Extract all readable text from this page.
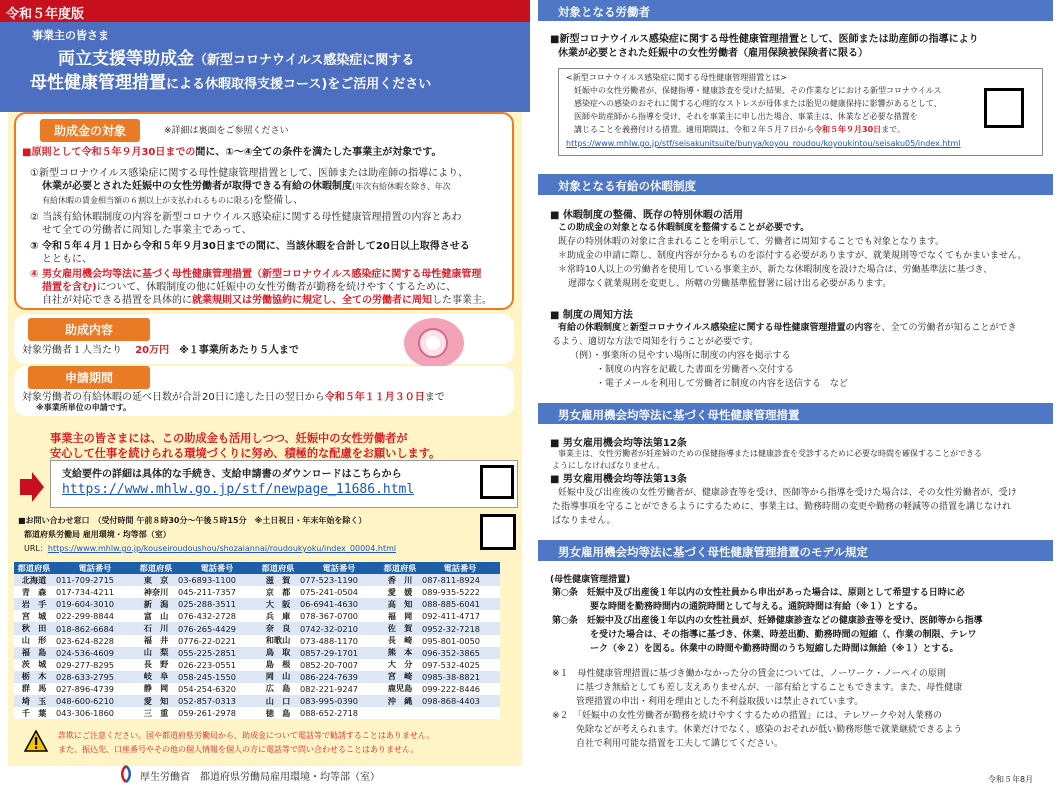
事業主の皆さま
両立支援等助成金（新型コロナウイルス感染症に関する
母性健康管理措置による休暇取得支援コース)をご活用ください
令和５年度版
助成金の対象	※詳細は裏面をご参照ください
■原則として令和５年９月30日までの間に、①〜④全ての条件を満たした事業主が対象です。
①新型コロナウイルス感染症に関する母性健康管理措置として、医師または助産師の指導により、
休業が必要とされた妊娠中の女性労働者が取得できる有給の休暇制度(年次有給休暇を除き、年次
有給休暇の賃金相当額の６割以上が支払われるものに限る)を整備し、
② 当該有給休暇制度の内容を新型コロナウイルス感染症に関する母性健康管理措置の内容とあわ
せて全ての労働者に周知した事業主であって、
③ 令和５年４月１日から令和５年９月30日までの間に、当該休暇を合計して20日以上取得させる
とともに、
④ 男女雇用機会均等法に基づく母性健康管理措置（新型コロナウイルス感染症に関する母性健康管理
措置を含む)について、休暇制度の他に妊娠中の女性労働者が勤務を続けやすくするために、
自社が対応できる措置を具体的に就業規則又は労働協約に規定し、全ての労働者に周知した事業主。
助成内容
対象労働者１人当たり　 20万円　 ※１事業所あたり５人まで
申請期間
対象労働者の有給休暇の延べ日数が合計20日に達した日の翌日から令和５年１１月３０日まで
※事業所単位の申請です。
事業主の皆さまには、この助成金も活用しつつ、妊娠中の女性労働者が
安心して仕事を続けられる環境づくりに努め、積極的な配慮をお願いします。
支給要件の詳細は具体的な手続き、支給申請書のダウンロードはこちらから
https://www.mhlw.go.jp/stf/newpage_11686.html
■お問い合わせ窓口　（受付時間 午前８時30分〜午後５時15分　※土日祝日・年末年始を除く）
都道府県労働局 雇用環境・均等部（室）
URL：https://www.mhlw.go.jp/kouseiroudoushou/shozaiannai/roudoukyoku/index_00004.html
都道府県	電話番号	都道府県	電話番号	都道府県	電話番号	都道府県	電話番号
北海道	011-709-2715	東　京	03-6893-1100	滋　賀	077-523-1190	香　川	087-811-8924
青　森	017-734-4211	神奈川	045-211-7357	京　都	075-241-0504	愛　媛	089-935-5222
岩　手	019-604-3010	新　潟	025-288-3511	大　阪	06-6941-4630	高　知	088-885-6041
宮　城	022-299-8844	富　山	076-432-2728	兵　庫	078-367-0700	福　岡	092-411-4717
秋　田	018-862-6684	石　川	076-265-4429	奈　良	0742-32-0210	佐　賀	0952-32-7218
山　形	023-624-8228	福　井	0776-22-0221	和歌山	073-488-1170	長　崎	095-801-0050
福　島	024-536-4609	山　梨	055-225-2851	鳥　取	0857-29-1701	熊　本	096-352-3865
茨　城	029-277-8295	長　野	026-223-0551	島　根	0852-20-7007	大　分	097-532-4025
栃　木	028-633-2795	岐　阜	058-245-1550	岡　山	086-224-7639	宮　崎	0985-38-8821
群　馬	027-896-4739	静　岡	054-254-6320	広　島	082-221-9247	鹿児島	099-222-8446
埼　玉	048-600-6210	愛　知	052-857-0313	山　口	083-995-0390	沖　縄	098-868-4403
千　葉	043-306-1860	三　重	059-261-2978	徳　島	088-652-2718		
詐欺にご注意ください。国や都道府県労働局から、助成金について電話等で勧誘することはありません。
また、振込先、口座番号やその他の個人情報を個人の方に電話等で問い合わせることはありません。
厚生労働省　都道府県労働局雇用環境・均等部（室）
対象となる労働者
■新型コロナウイルス感染症に関する母性健康管理措置として、医師または助産師の指導により
休業が必要とされた妊娠中の女性労働者（雇用保険被保険者に限る）
<新型コロナウイルス感染症に関する母性健康管理措置とは>
妊娠中の女性労働者が、保健指導・健康診査を受けた結果、その作業などにおける新型コロナウイルス
感染症への感染のおそれに関する心理的なストレスが母体または胎児の健康保持に影響があるとして、
医師や助産師から指導を受け、それを事業主に申し出た場合、事業主は、休業など必要な措置を
講じることを義務付ける措置。適用期間は、令和２年５月７日から令和５年９月30日まで。
https://www.mhlw.go.jp/stf/seisakunitsuite/bunya/koyou_roudou/koyoukintou/seisaku05/index.html
対象となる有給の休暇制度
■ 休暇制度の整備、既存の特別休暇の活用
この助成金の対象となる休暇制度を整備することが必要です。
既存の特別休暇の対象に含まれることを明示して、労働者に周知することでも対象となります。
＊助成金の申請に際し、制度内容が分かるものを添付する必要がありますが、就業規則等でなくてもかまいません。
＊常時10人以上の労働者を使用している事業主が、新たな休暇制度を設けた場合は、労働基準法に基づき、
遅滞なく就業規則を変更し、所轄の労働基準監督署に届け出る必要があります。
■ 制度の周知方法
有給の休暇制度と新型コロナウイルス感染症に関する母性健康管理措置の内容を、全ての労働者が知ることができ
るよう、適切な方法で周知を行うことが必要です。
（例）・事業所の見やすい場所に制度の内容を掲示する
・制度の内容を記載した書面を労働者へ交付する
・電子メールを利用して労働者に制度の内容を送信する　など
男女雇用機会均等法に基づく母性健康管理措置
■ 男女雇用機会均等法第12条
事業主は、女性労働者が妊産婦のための保健指導または健康診査を受診するために必要な時間を確保することができる
ようにしなければなりません。
■ 男女雇用機会均等法第13条
妊娠中及び出産後の女性労働者が、健康診査等を受け、医師等から指導を受けた場合は、その女性労働者が、受け
た指導事項を守ることができるようにするために、事業主は、勤務時間の変更や勤務の軽減等の措置を講じなけれ
ばなりません。
男女雇用機会均等法に基づく母性健康管理措置のモデル規定
(母性健康管理措置)
第○条　妊娠中及び出産後１年以内の女性社員から申出があった場合は、原則として希望する日時に必
要な時間を勤務時間内の通院時間として与える。通院時間は有給（※１）とする。
第○条　妊娠中及び出産後１年以内の女性社員が、妊婦健康診査などの健康診査等を受け、医師等から指導
を受けた場合は、その指導に基づき、休業、時差出勤、勤務時間の短縮（、作業の制限、テレワ
ーク（※２）を図る。休業中の時間や勤務時間のうち短縮した時間は無給（※１）とする。
※１　母性健康管理措置に基づき働かなかった分の賃金については、ノーワーク・ノーペイの原則
に基づき無給としても差し支えありませんが、一部有給とすることもできます。また、母性健康
管理措置の申出・利用を理由とした不利益取扱いは禁止されています。
※２　「妊娠中の女性労働者が勤務を続けやすくするための措置」には、テレワークや対人業務の
免除などが考えられます。休業だけでなく、感染のおそれが低い勤務形態で就業継続できるよう
自社で利用可能な措置を工夫して講じてください。
令和５年8月
